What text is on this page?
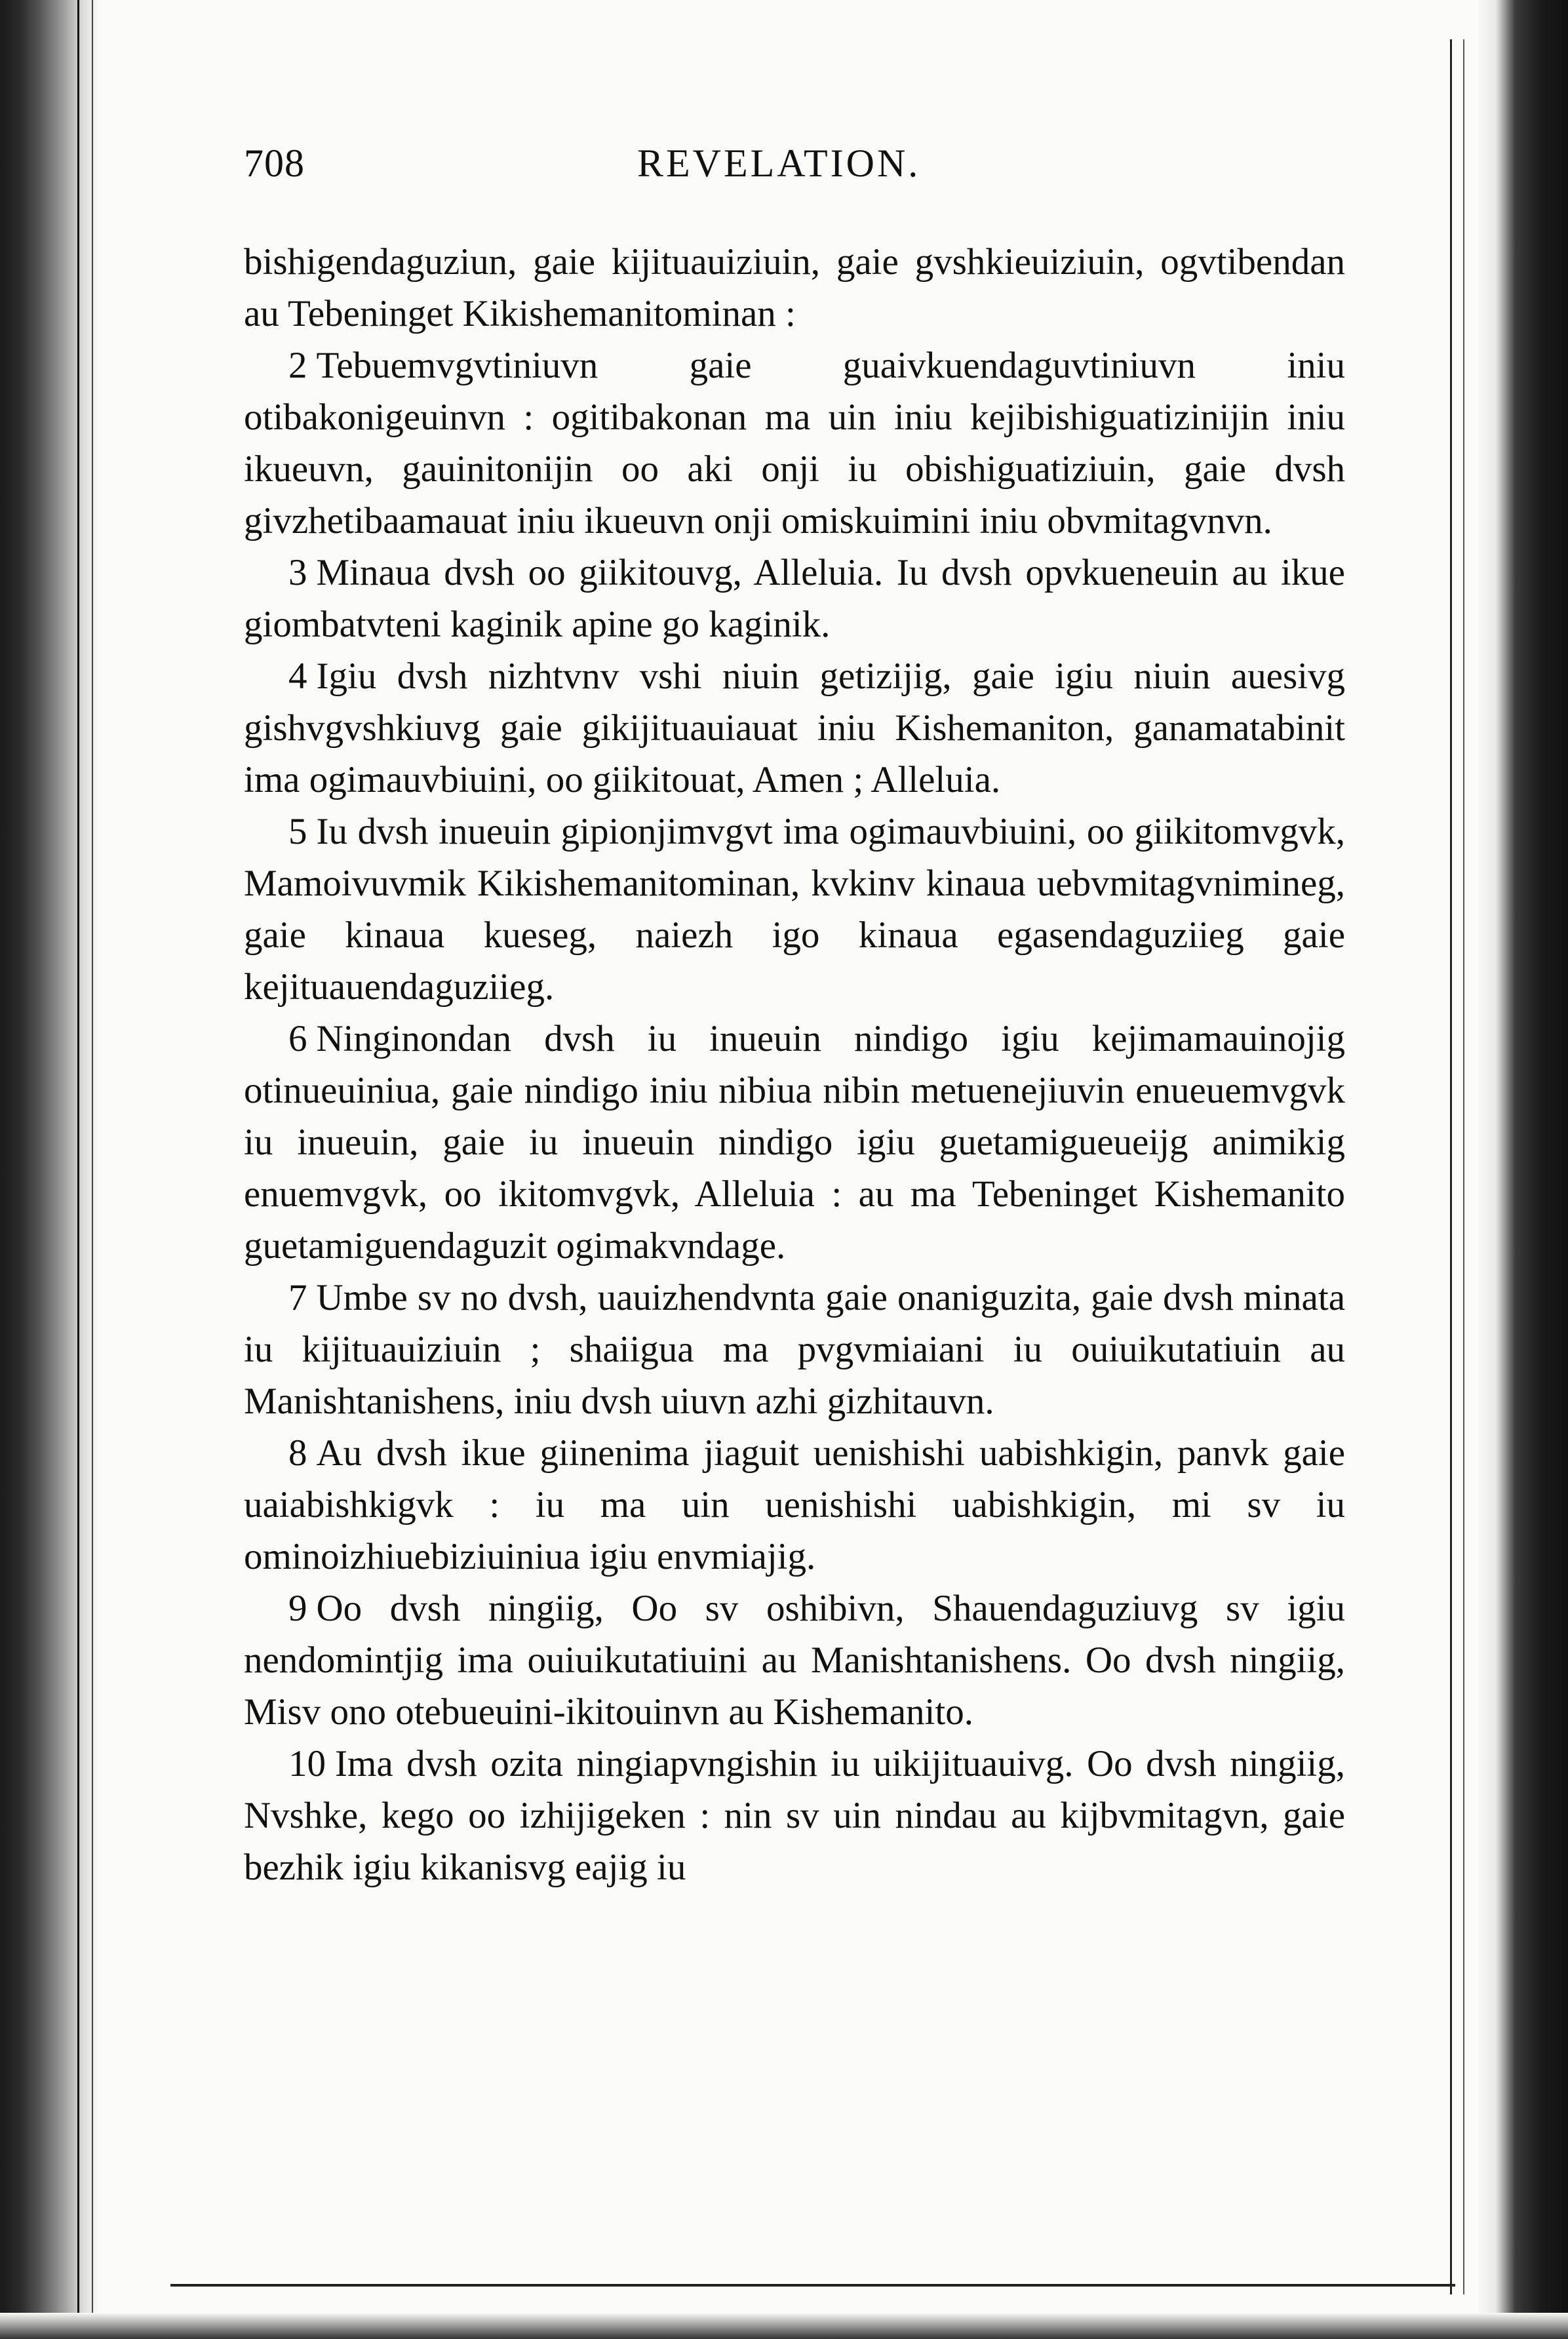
708	REVELATION.

bishigendaguziun, gaie kijituauiziuin, gaie gvshkieuiziuin, ogvtibendan au Tebeninget Kikishemanitominan :

2 Tebuemvgvtiniuvn gaie guaivkuendaguvtiniuvn iniu otibakonigeuinvn : ogitibakonan ma uin iniu kejibishiguatizinijin iniu ikueuvn, gauinitonijin oo aki onji iu obishiguatiziuin, gaie dvsh givzhetibaamauat iniu ikueuvn onji omiskuimini iniu obvmitagvnvn.

3 Minaua dvsh oo giikitouvg, Alleluia. Iu dvsh opvkueneuin au ikue giombatvteni kaginik apine go kaginik.

4 Igiu dvsh nizhtvnv vshi niuin getizijig, gaie igiu niuin auesivg gishvgvshkiuvg gaie gikijituauiauat iniu Kishemaniton, ganamatabinit ima ogimauvbiuini, oo giikitouat, Amen ; Alleluia.

5 Iu dvsh inueuin gipionjimvgvt ima ogimauvbiuini, oo giikitomvgvk, Mamoivuvmik Kikishemanitominan, kvkinv kinaua uebvmitagvnimineg, gaie kinaua kueseg, naiezh igo kinaua egasendaguziieg gaie kejituauendaguziieg.

6 Ninginondan dvsh iu inueuin nindigo igiu kejimamauinojig otinueuiniua, gaie nindigo iniu nibiua nibin metuenejiuvin enueuemvgvk iu inueuin, gaie iu inueuin nindigo igiu guetamigueueijg animikig enuemvgvk, oo ikitomvgvk, Alleluia : au ma Tebeninget Kishemanito guetamiguendaguzit ogimakvndage.

7 Umbe sv no dvsh, uauizhendvnta gaie onaniguzita, gaie dvsh minata iu kijituauiziuin ; shaiigua ma pvgvmiaiani iu ouiuikutatiuin au Manishtanishens, iniu dvsh uiuvn azhi gizhitauvn.

8 Au dvsh ikue giinenima jiaguit uenishishi uabishkigin, panvk gaie uaiabishkigvk : iu ma uin uenishishi uabishkigin, mi sv iu ominoizhiuebiziuiniua igiu envmiajig.

9 Oo dvsh ningiig, Oo sv oshibivn, Shauendaguziuvg sv igiu nendomintjig ima ouiuikutatiuini au Manishtanishens. Oo dvsh ningiig, Misv ono otebueuini-ikitouinvn au Kishemanito.

10 Ima dvsh ozita ningiapvngishin iu uikijituauivg. Oo dvsh ningiig, Nvshke, kego oo izhijigeken : nin sv uin nindau au kijbvmitagvn, gaie bezhik igiu kikanisvg eajig iu
